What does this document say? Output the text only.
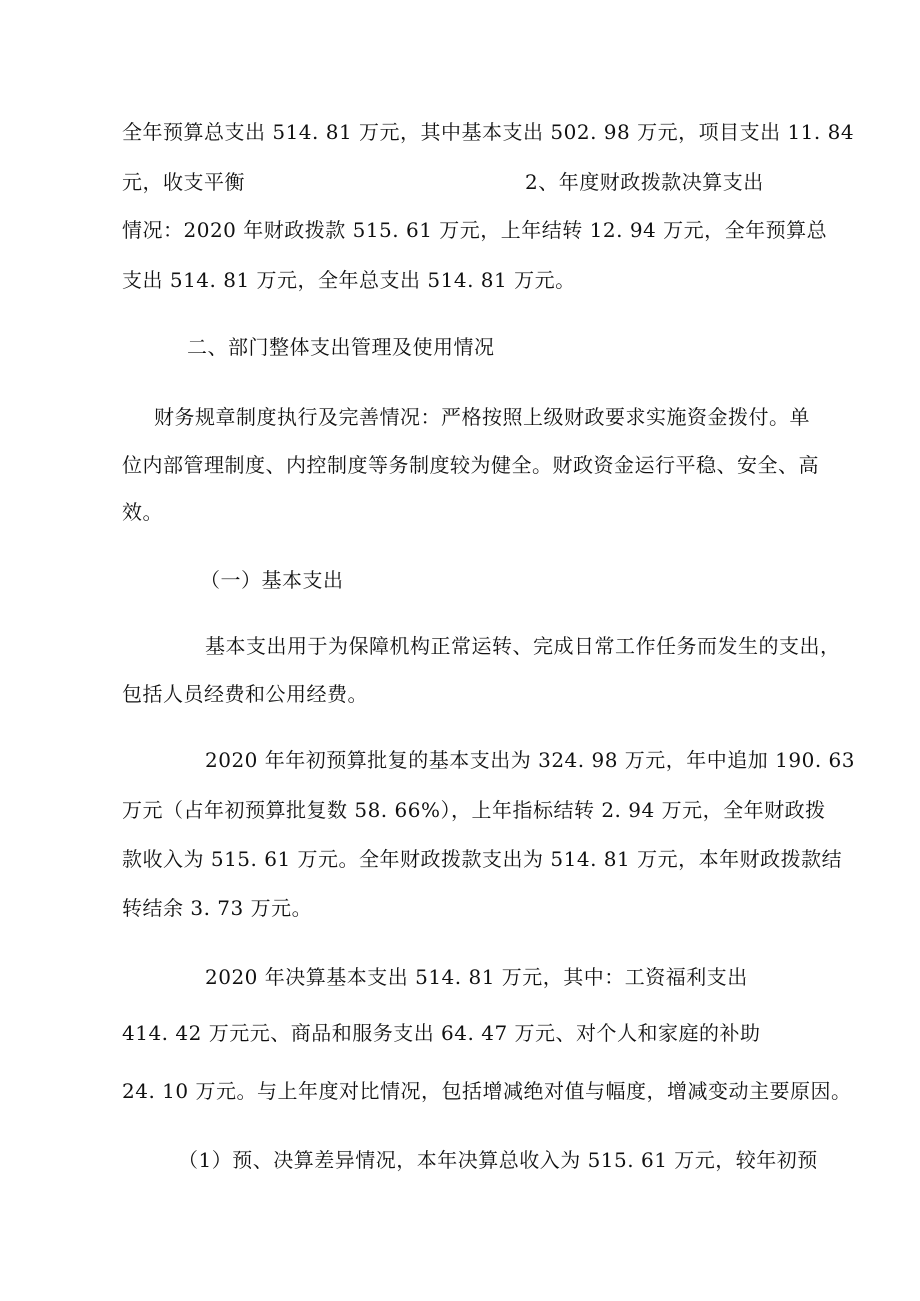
全年预算总支出 514. 81 万元，其中基本支出 502. 98 万元，项目支出 11. 84
元，收支平衡	2、年度财政拨款决算支出
情况：2020 年财政拨款 515. 61 万元，上年结转 12. 94 万元，全年预算总
支出 514. 81 万元，全年总支出 514. 81 万元。
二、部门整体支出管理及使用情况
财务规章制度执行及完善情况：严格按照上级财政要求实施资金拨付。单
位内部管理制度、内控制度等务制度较为健全。财政资金运行平稳、安全、高
效。
（一）基本支出
基本支出用于为保障机构正常运转、完成日常工作任务而发生的支出，
包括人员经费和公用经费。
2020 年年初预算批复的基本支出为 324. 98 万元，年中追加 190. 63
万元（占年初预算批复数 58. 66%），上年指标结转 2. 94 万元，全年财政拨
款收入为 515. 61 万元。全年财政拨款支出为 514. 81 万元，本年财政拨款结
转结余 3. 73 万元。
2020 年决算基本支出 514. 81 万元，其中：工资福利支出
414. 42 万元元、商品和服务支出 64. 47 万元、对个人和家庭的补助
24. 10 万元。与上年度对比情况，包括增减绝对值与幅度，增减变动主要原因。
（1）预、决算差异情况，本年决算总收入为 515. 61 万元，较年初预
